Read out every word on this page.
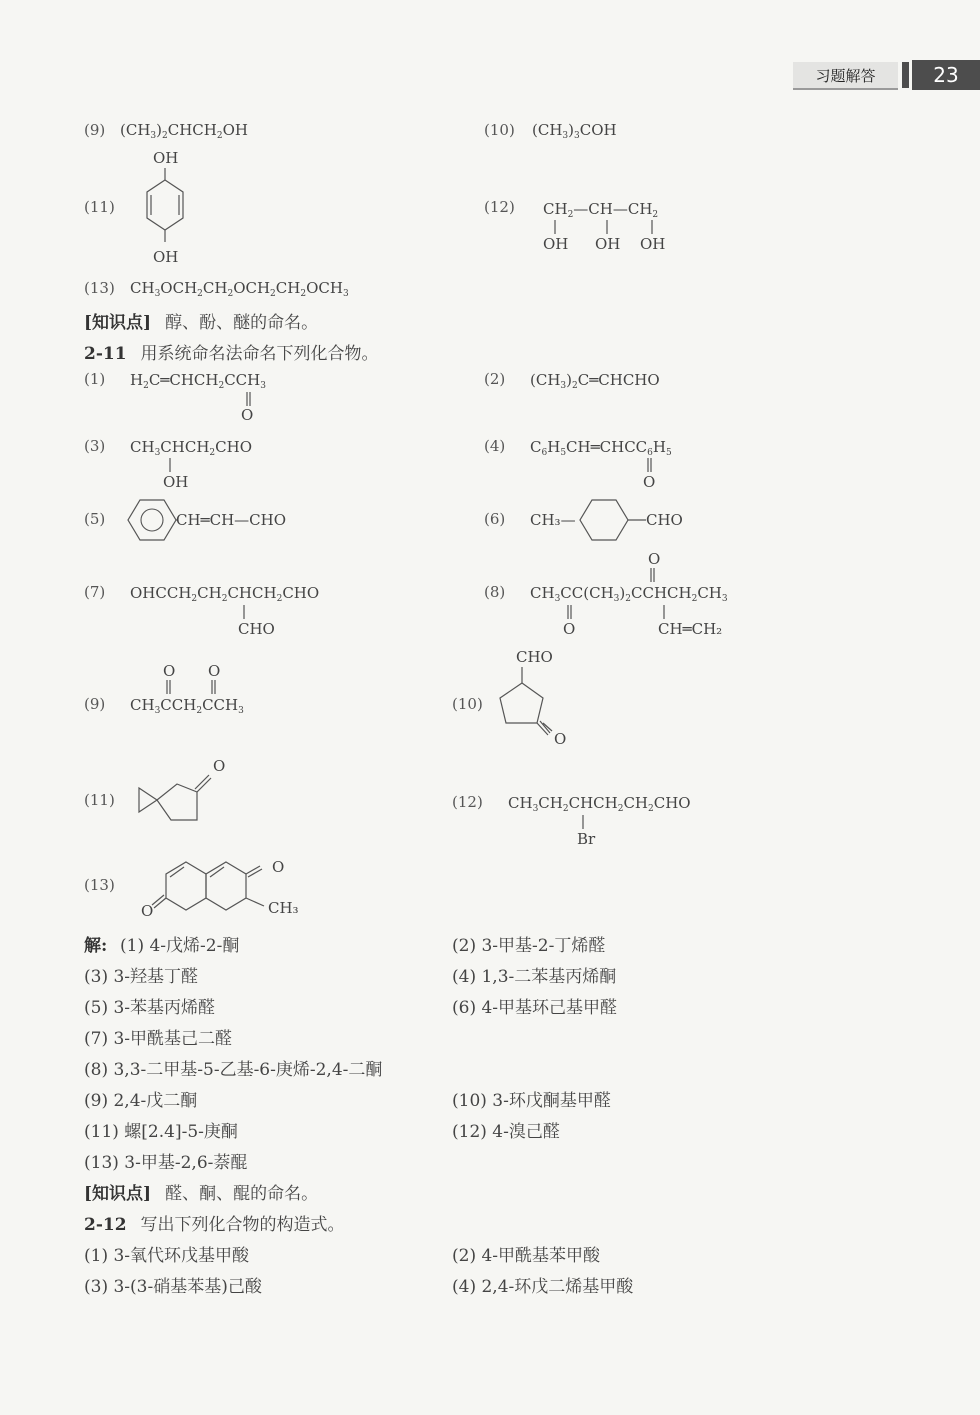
习题解答	23
(9) $(CH_3)_2CHCH_2OH$	(10) $(CH_3)_3COH$
(11)
OH
OH
(12) $CH_2—CH—CH_2$
OH OH OH
(13) $CH_3OCH_2CH_2OCH_2CH_2OCH_3$
[知识点] 醇、酚、醚的命名。
2-11 用系统命名法命名下列化合物。
(1) $H_2C═CHCH_2CCH_3$
O
(2) $(CH_3)_2C═CHCHO$
(3) $CH_3CHCH_2CHO$
OH
(4) $C_6H_5CH═CHCC_6H_5$
O
(5)	CH═CH—CHO	(6) CH₃—	CHO
(7) $OHCCH_2CH_2CHCH_2CHO$
CHO
O
(8) $CH_3CC(CH_3)_2CCHCH_2CH_3$
O	CH═CH₂
O O
(9) $CH_3CCH_2CCH_3$
CHO
(10)
O
O
(11)	(12) $CH_3CH_2CHCH_2CH_2CHO$
Br
(13)
O
O	CH₃
解: (1) 4-戊烯-2-酮	(2) 3-甲基-2-丁烯醛
(3) 3-羟基丁醛	(4) 1,3-二苯基丙烯酮
(5) 3-苯基丙烯醛	(6) 4-甲基环己基甲醛
(7) 3-甲酰基己二醛
(8) 3,3-二甲基-5-乙基-6-庚烯-2,4-二酮
(9) 2,4-戊二酮	(10) 3-环戊酮基甲醛
(11) 螺[2.4]-5-庚酮	(12) 4-溴己醛
(13) 3-甲基-2,6-萘醌
[知识点] 醛、酮、醌的命名。
2-12 写出下列化合物的构造式。
(1) 3-氧代环戊基甲酸	(2) 4-甲酰基苯甲酸
(3) 3-(3-硝基苯基)己酸	(4) 2,4-环戊二烯基甲酸
